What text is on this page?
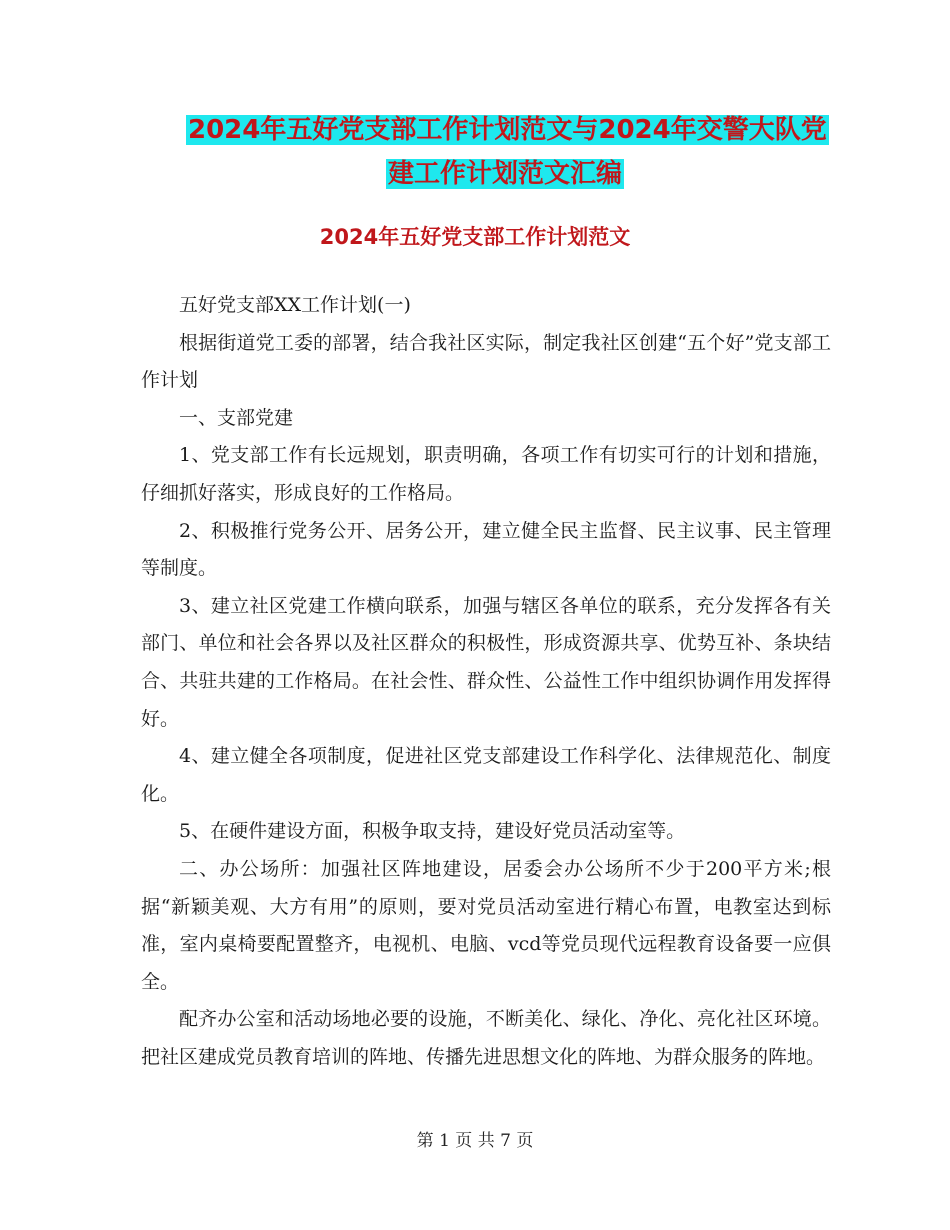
2024年五好党支部工作计划范文与2024年交警大队党
建工作计划范文汇编
2024年五好党支部工作计划范文

五好党支部XX工作计划(一)

根据街道党工委的部署，结合我社区实际，制定我社区创建“五个好”党支部工作计划

一、支部党建

1、党支部工作有长远规划，职责明确，各项工作有切实可行的计划和措施，仔细抓好落实，形成良好的工作格局。

2、积极推行党务公开、居务公开，建立健全民主监督、民主议事、民主管理等制度。

3、建立社区党建工作横向联系，加强与辖区各单位的联系，充分发挥各有关部门、单位和社会各界以及社区群众的积极性，形成资源共享、优势互补、条块结合、共驻共建的工作格局。在社会性、群众性、公益性工作中组织协调作用发挥得好。

4、建立健全各项制度，促进社区党支部建设工作科学化、法律规范化、制度化。

5、在硬件建设方面，积极争取支持，建设好党员活动室等。

二、办公场所：加强社区阵地建设，居委会办公场所不少于200平方米;根据“新颖美观、大方有用”的原则，要对党员活动室进行精心布置，电教室达到标准，室内桌椅要配置整齐，电视机、电脑、vcd等党员现代远程教育设备要一应俱全。

配齐办公室和活动场地必要的设施，不断美化、绿化、净化、亮化社区环境。把社区建成党员教育培训的阵地、传播先进思想文化的阵地、为群众服务的阵地。

第 1 页 共 7 页
